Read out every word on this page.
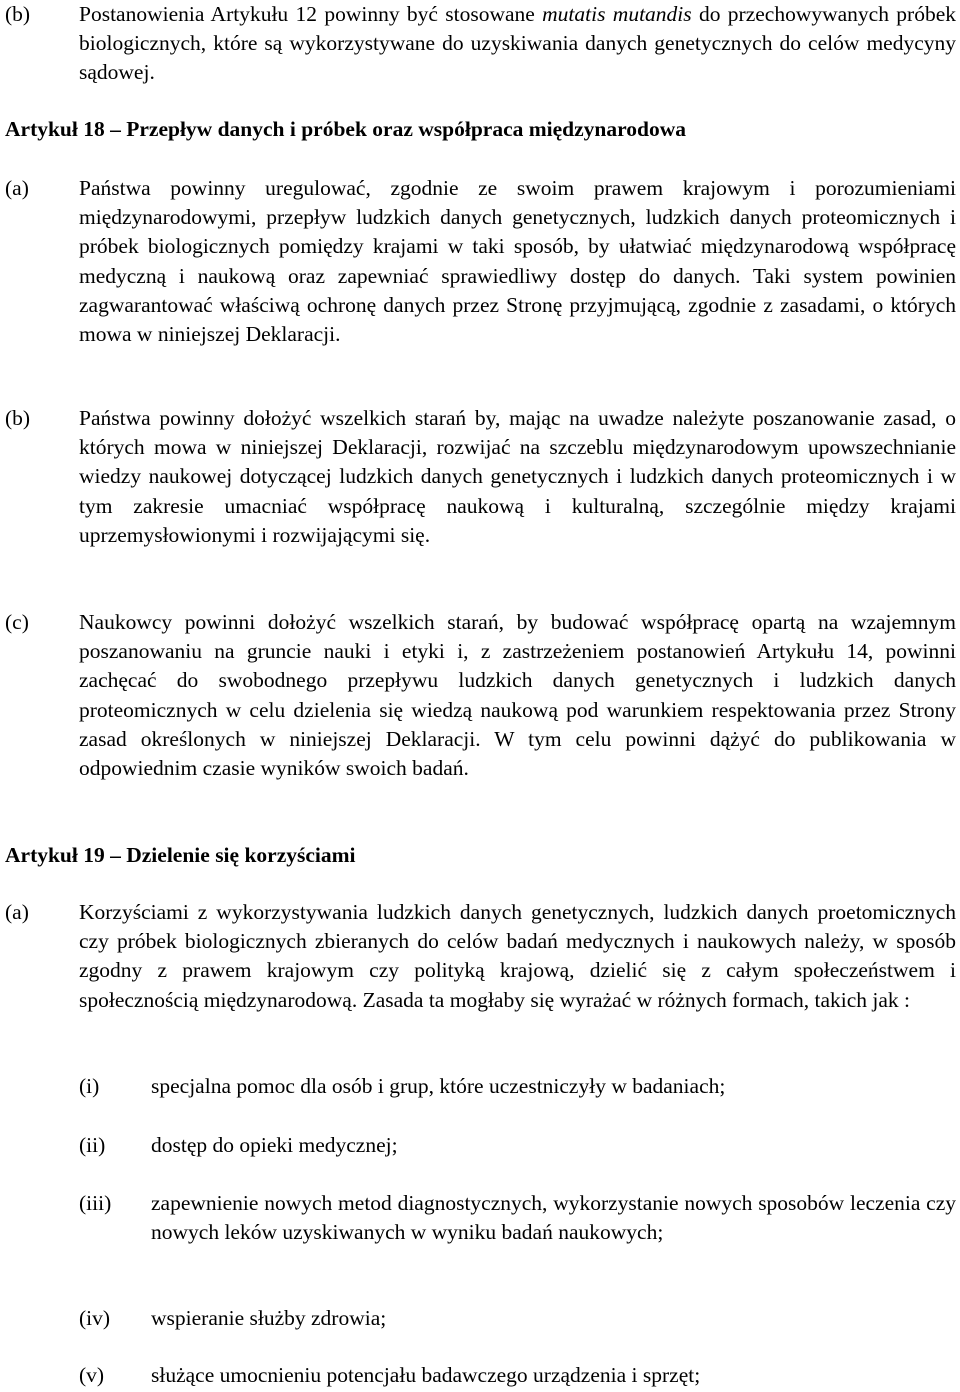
(b) Postanowienia Artykułu 12 powinny być stosowane mutatis mutandis do przechowywanych próbek biologicznych, które są wykorzystywane do uzyskiwania danych genetycznych do celów medycyny sądowej.
Artykuł 18 – Przepływ danych i próbek oraz współpraca międzynarodowa
(a) Państwa powinny uregulować, zgodnie ze swoim prawem krajowym i porozumieniami międzynarodowymi, przepływ ludzkich danych genetycznych, ludzkich danych proteomicznych i próbek biologicznych pomiędzy krajami w taki sposób, by ułatwiać międzynarodową współpracę medyczną i naukową oraz zapewniać sprawiedliwy dostęp do danych. Taki system powinien zagwarantować właściwą ochronę danych przez Stronę przyjmującą, zgodnie z zasadami, o których mowa w niniejszej Deklaracji.
(b) Państwa powinny dołożyć wszelkich starań by, mając na uwadze należyte poszanowanie zasad, o których mowa w niniejszej Deklaracji, rozwijać na szczeblu międzynarodowym upowszechnianie wiedzy naukowej dotyczącej ludzkich danych genetycznych i ludzkich danych proteomicznych i w tym zakresie umacniać współpracę naukową i kulturalną, szczególnie między krajami uprzemysłowionymi i rozwijającymi się.
(c) Naukowcy powinni dołożyć wszelkich starań, by budować współpracę opartą na wzajemnym poszanowaniu na gruncie nauki i etyki i, z zastrzeżeniem postanowień Artykułu 14, powinni zachęcać do swobodnego przepływu ludzkich danych genetycznych i ludzkich danych proteomicznych w celu dzielenia się wiedzą naukową pod warunkiem respektowania przez Strony zasad określonych w niniejszej Deklaracji. W tym celu powinni dążyć do publikowania w odpowiednim czasie wyników swoich badań.
Artykuł 19 – Dzielenie się korzyściami
(a) Korzyściami z wykorzystywania ludzkich danych genetycznych, ludzkich danych proetomicznych czy próbek biologicznych zbieranych do celów badań medycznych i naukowych należy, w sposób zgodny z prawem krajowym czy polityką krajową, dzielić się z całym społeczeństwem i społecznością międzynarodową. Zasada ta mogłaby się wyrażać w różnych formach, takich jak :
(i) specjalna pomoc dla osób i grup, które uczestniczyły w badaniach;
(ii) dostęp do opieki medycznej;
(iii) zapewnienie nowych metod diagnostycznych, wykorzystanie nowych sposobów leczenia czy nowych leków uzyskiwanych w wyniku badań naukowych;
(iv) wspieranie służby zdrowia;
(v) służące umocnieniu potencjału badawczego urządzenia i sprzęt;
